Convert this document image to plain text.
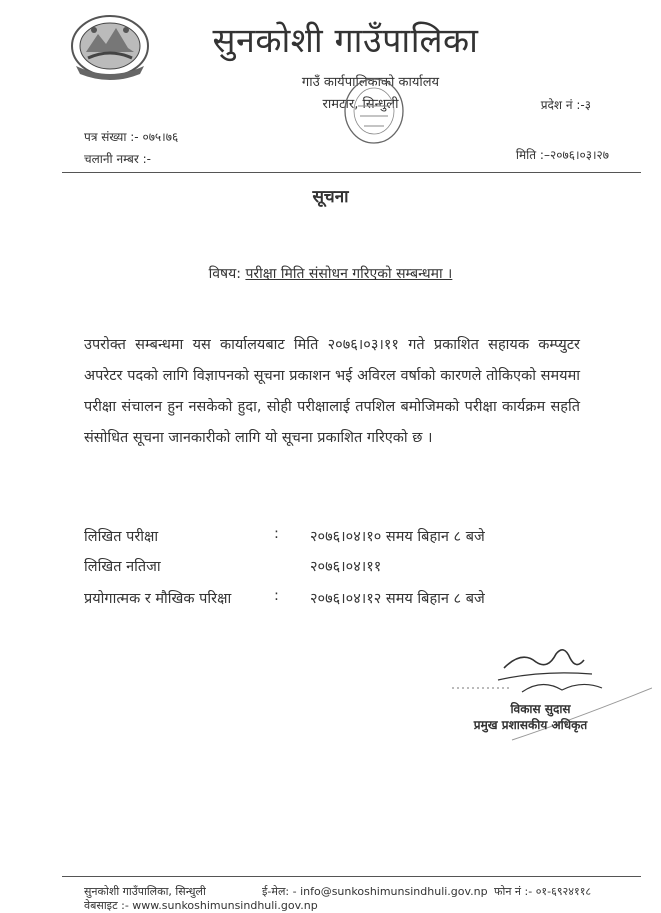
सुनकोशी गाउँपालिका
गाउँ कार्यपालिकाको कार्यालय
रामटार, सिन्धुली	प्रदेश नं :-३
पत्र संख्या :- ०७५।७६
चलानी नम्बर :-	मिति :–२०७६।०३।२७
सूचना
विषय: परीक्षा मिति संसोधन गरिएको सम्बन्धमा ।

उपरोक्त सम्बन्धमा यस कार्यालयबाट मिति २०७६।०३।११ गते प्रकाशित सहायक कम्प्युटर अपरेटर पदको लागि विज्ञापनको सूचना प्रकाशन भई अविरल वर्षाको कारणले तोकिएको समयमा परीक्षा संचालन हुन नसकेको हुदा, सोही परीक्षालाई तपशिल बमोजिमको परीक्षा कार्यक्रम सहति संसोधित सूचना जानकारीको लागि यो सूचना प्रकाशित गरिएको छ ।

लिखित परीक्षा	: २०७६।०४।१० समय बिहान ८ बजे
लिखित नतिजा	२०७६।०४।११
प्रयोगात्मक र मौखिक परिक्षा	: २०७६।०४।१२ समय बिहान ८ बजे
विकास सुदास
प्रमुख प्रशासकीय अधिकृत
सुनकोशी गाउँपालिका, सिन्धुली	ई-मेल: - info@sunkoshimunsindhuli.gov.np फोन नं :- ०१-६९२४११८
वेबसाइट :- www.sunkoshimunsindhuli.gov.np
